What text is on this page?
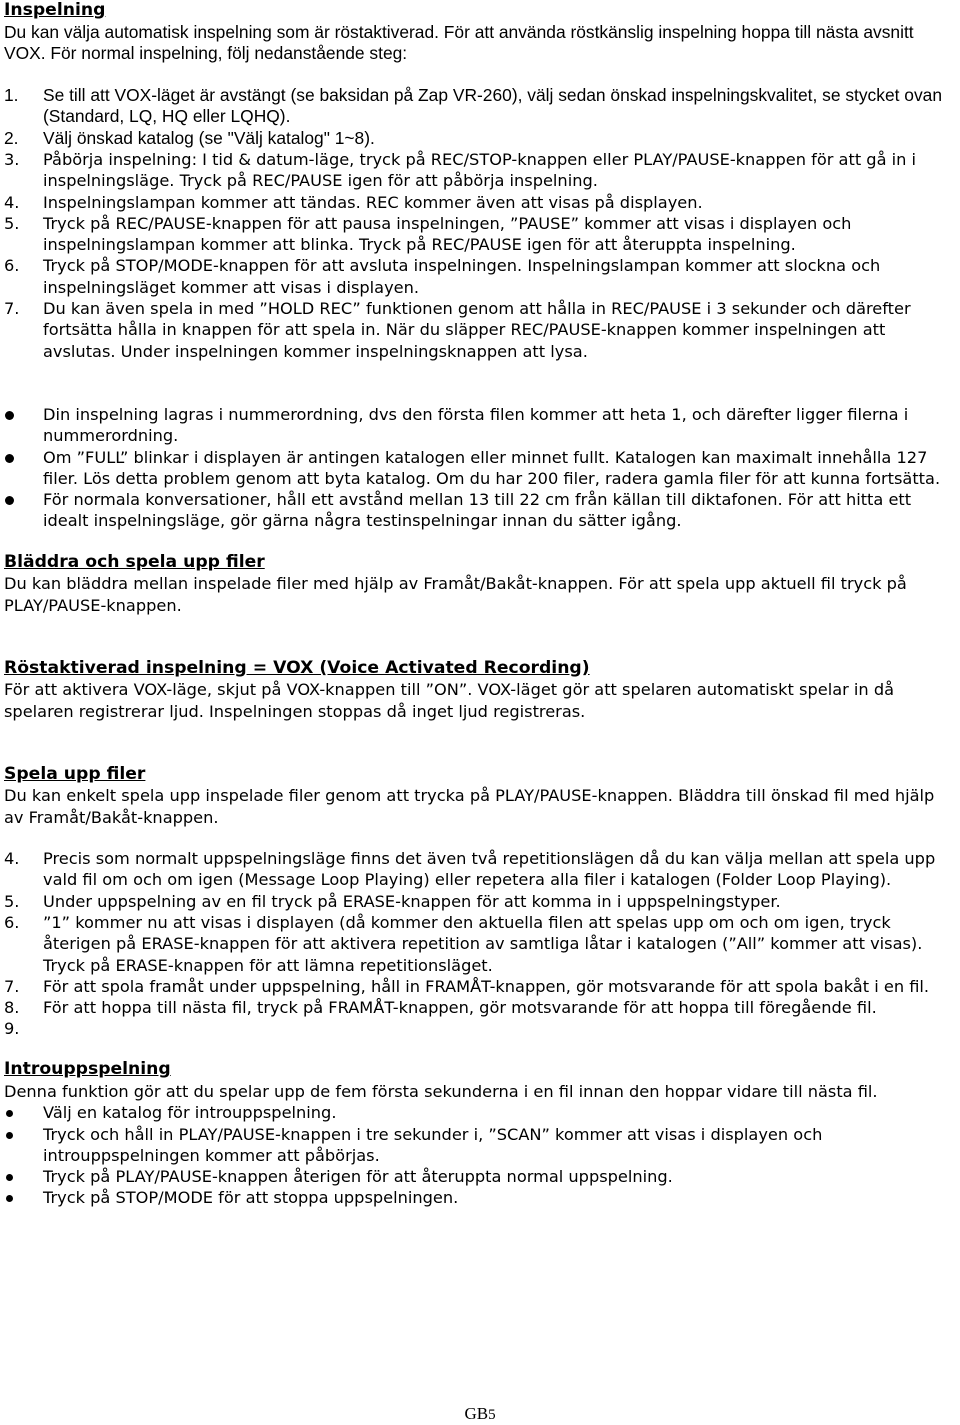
Inspelning

Du kan välja automatisk inspelning som är röstaktiverad. För att använda röstkänslig inspelning hoppa till nästa avsnitt VOX. För normal inspelning, följ nedanstående steg:

1. Se till att VOX-läget är avstängt (se baksidan på Zap VR-260), välj sedan önskad inspelningskvalitet, se stycket ovan (Standard, LQ, HQ eller LQHQ).
2. Välj önskad katalog (se "Välj katalog" 1~8).
3. Påbörja inspelning: I tid & datum-läge, tryck på REC/STOP-knappen eller PLAY/PAUSE-knappen för att gå in i inspelningsläge. Tryck på REC/PAUSE igen för att påbörja inspelning.
4. Inspelningslampan kommer att tändas. REC kommer även att visas på displayen.
5. Tryck på REC/PAUSE-knappen för att pausa inspelningen, ”PAUSE” kommer att visas i displayen och inspelningslampan kommer att blinka. Tryck på REC/PAUSE igen för att återuppta inspelning.
6. Tryck på STOP/MODE-knappen för att avsluta inspelningen. Inspelningslampan kommer att slockna och inspelningsläget kommer att visas i displayen.
7. Du kan även spela in med ”HOLD REC” funktionen genom att hålla in REC/PAUSE i 3 sekunder och därefter fortsätta hålla in knappen för att spela in. När du släpper REC/PAUSE-knappen kommer inspelningen att avslutas. Under inspelningen kommer inspelningsknappen att lysa.
Din inspelning lagras i nummerordning, dvs den första filen kommer att heta 1, och därefter ligger filerna i nummerordning.
Om ”FULL” blinkar i displayen är antingen katalogen eller minnet fullt. Katalogen kan maximalt innehålla 127 filer. Lös detta problem genom att byta katalog. Om du har 200 filer, radera gamla filer för att kunna fortsätta.
För normala konversationer, håll ett avstånd mellan 13 till 22 cm från källan till diktafonen. För att hitta ett idealt inspelningsläge, gör gärna några testinspelningar innan du sätter igång.
Bläddra och spela upp filer

Du kan bläddra mellan inspelade filer med hjälp av Framåt/Bakåt-knappen. För att spela upp aktuell fil tryck på PLAY/PAUSE-knappen.

Röstaktiverad inspelning = VOX (Voice Activated Recording)

För att aktivera VOX-läge, skjut på VOX-knappen till ”ON”. VOX-läget gör att spelaren automatiskt spelar in då spelaren registrerar ljud. Inspelningen stoppas då inget ljud registreras.

Spela upp filer

Du kan enkelt spela upp inspelade filer genom att trycka på PLAY/PAUSE-knappen. Bläddra till önskad fil med hjälp av Framåt/Bakåt-knappen.

4. Precis som normalt uppspelningsläge finns det även två repetitionslägen då du kan välja mellan att spela upp vald fil om och om igen (Message Loop Playing) eller repetera alla filer i katalogen (Folder Loop Playing).
5. Under uppspelning av en fil tryck på ERASE-knappen för att komma in i uppspelningstyper.
6. ”1” kommer nu att visas i displayen (då kommer den aktuella filen att spelas upp om och om igen, tryck återigen på ERASE-knappen för att aktivera repetition av samtliga låtar i katalogen (”All” kommer att visas). Tryck på ERASE-knappen för att lämna repetitionsläget.
7. För att spola framåt under uppspelning, håll in FRAMÅT-knappen, gör motsvarande för att spola bakåt i en fil.
8. För att hoppa till nästa fil, tryck på FRAMÅT-knappen, gör motsvarande för att hoppa till föregående fil.
9.
Introuppspelning

Denna funktion gör att du spelar upp de fem första sekunderna i en fil innan den hoppar vidare till nästa fil.

Välj en katalog för introuppspelning.
Tryck och håll in PLAY/PAUSE-knappen i tre sekunder i, ”SCAN” kommer att visas i displayen och introuppspelningen kommer att påbörjas.
Tryck på PLAY/PAUSE-knappen återigen för att återuppta normal uppspelning.
Tryck på STOP/MODE för att stoppa uppspelningen.
GB5
